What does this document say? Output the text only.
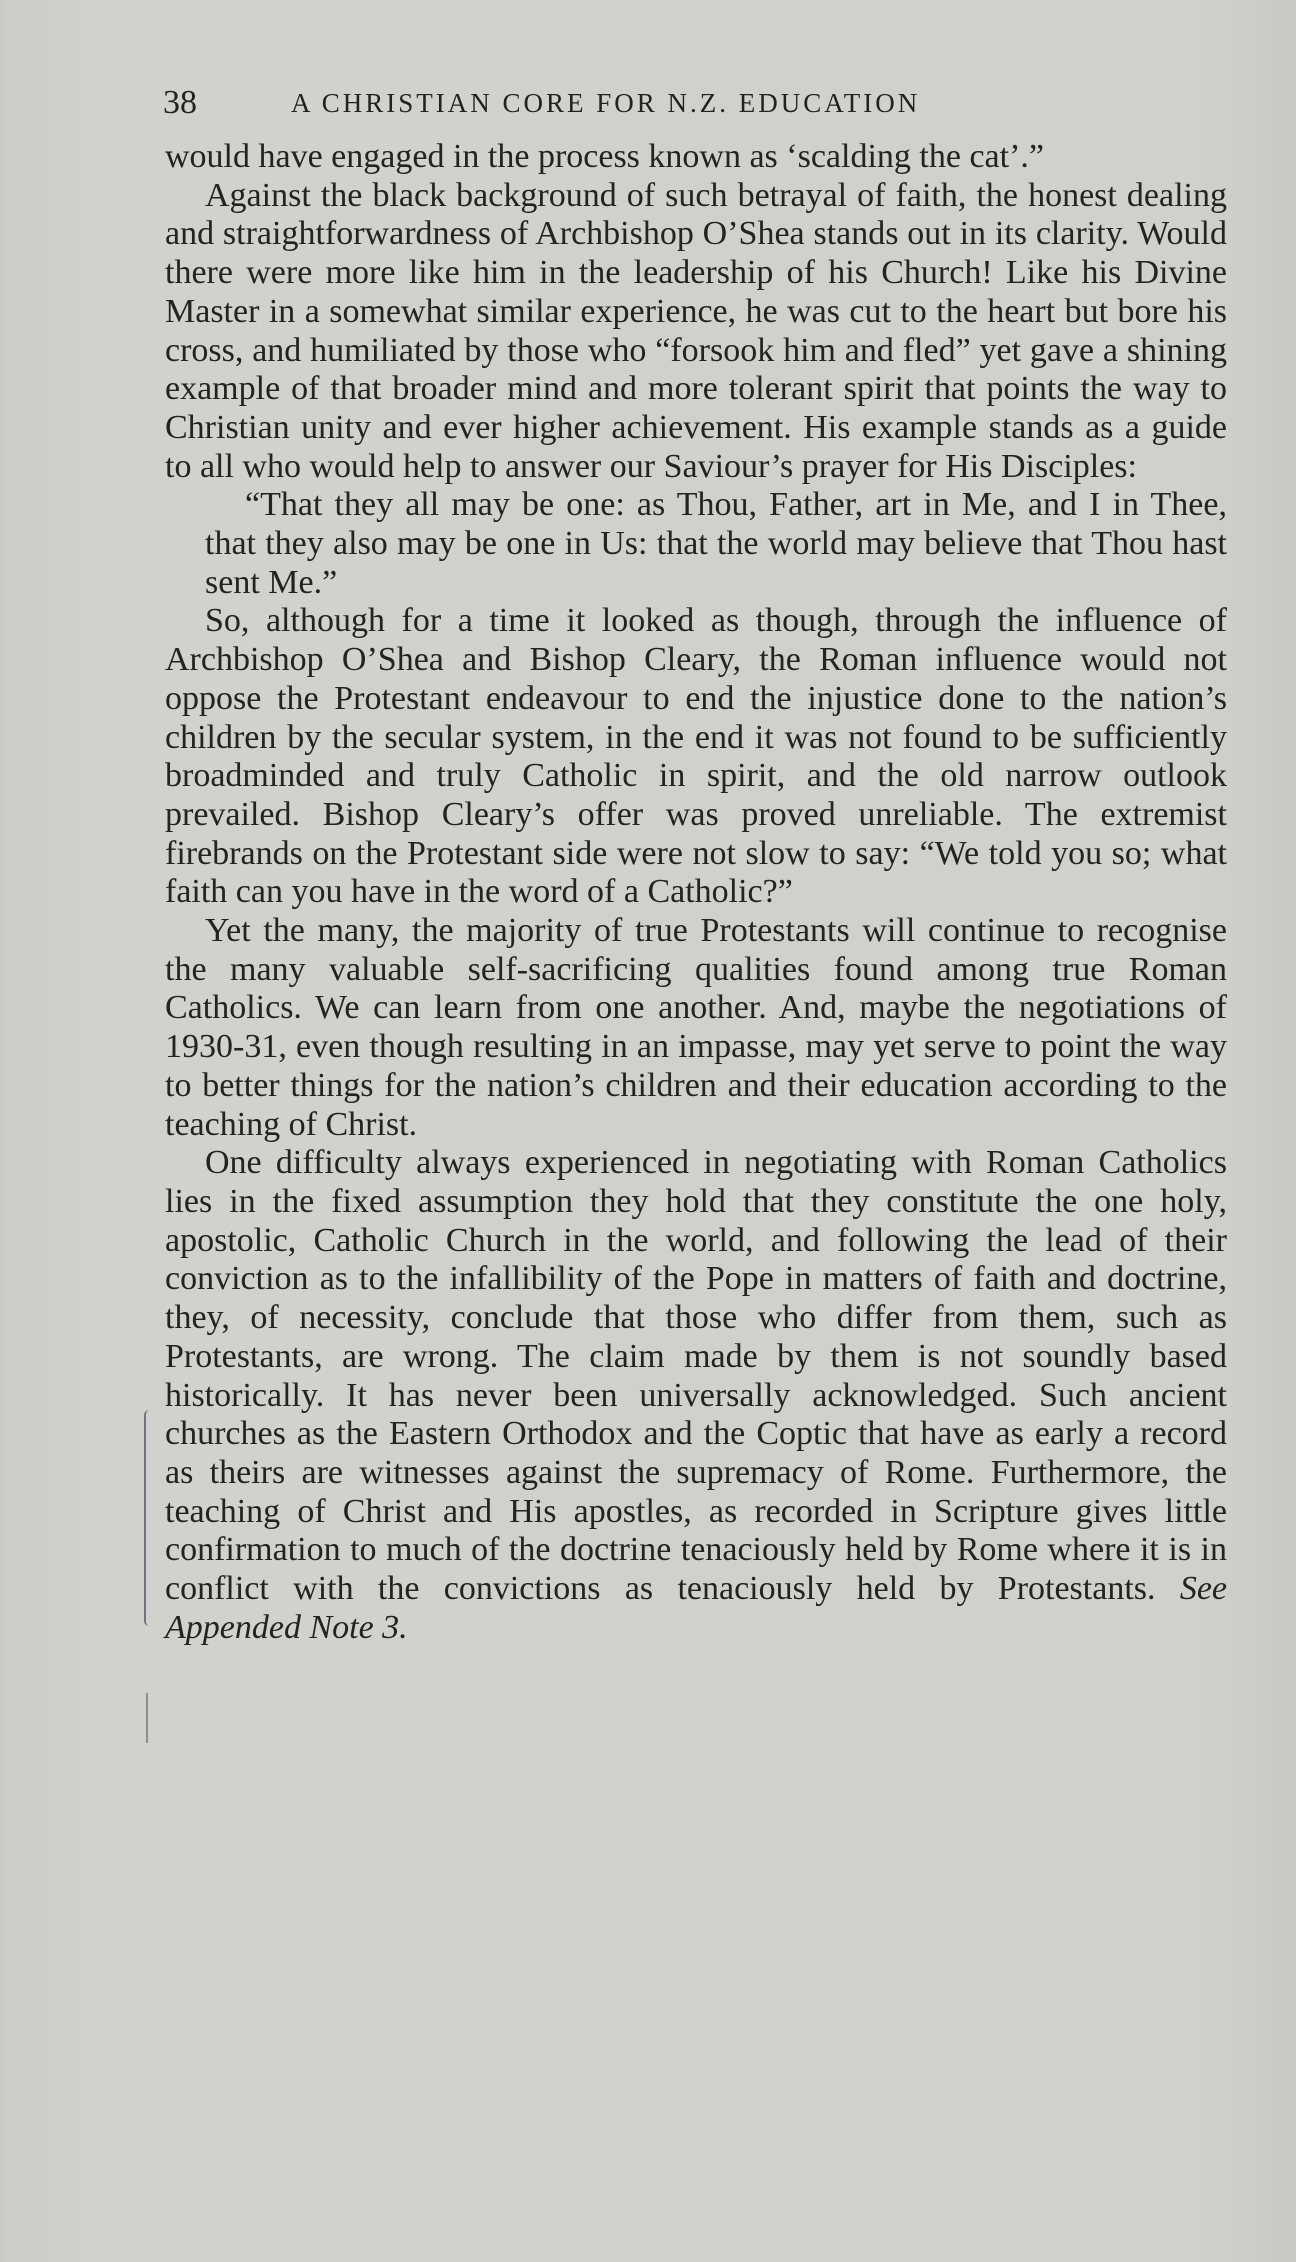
38	A CHRISTIAN CORE FOR N.Z. EDUCATION

would have engaged in the process known as ‘scalding the cat’.”

Against the black background of such betrayal of faith, the honest dealing and straightforwardness of Archbishop O’Shea stands out in its clarity. Would there were more like him in the leadership of his Church! Like his Divine Master in a somewhat similar experience, he was cut to the heart but bore his cross, and humiliated by those who “forsook him and fled” yet gave a shining example of that broader mind and more tolerant spirit that points the way to Christian unity and ever higher achievement. His example stands as a guide to all who would help to answer our Saviour’s prayer for His Disciples:

“That they all may be one: as Thou, Father, art in Me, and I in Thee, that they also may be one in Us: that the world may believe that Thou hast sent Me.”

So, although for a time it looked as though, through the influence of Archbishop O’Shea and Bishop Cleary, the Roman influence would not oppose the Protestant endeavour to end the injustice done to the nation’s children by the secular system, in the end it was not found to be sufficiently broadminded and truly Catholic in spirit, and the old narrow outlook prevailed. Bishop Cleary’s offer was proved unreliable. The extremist firebrands on the Protestant side were not slow to say: “We told you so; what faith can you have in the word of a Catholic?”

Yet the many, the majority of true Protestants will continue to recognise the many valuable self-sacrificing qualities found among true Roman Catholics. We can learn from one another. And, maybe the negotiations of 1930-31, even though resulting in an impasse, may yet serve to point the way to better things for the nation’s children and their education according to the teaching of Christ.

One difficulty always experienced in negotiating with Roman Catholics lies in the fixed assumption they hold that they constitute the one holy, apostolic, Catholic Church in the world, and following the lead of their conviction as to the infallibility of the Pope in matters of faith and doctrine, they, of necessity, conclude that those who differ from them, such as Protestants, are wrong. The claim made by them is not soundly based historically. It has never been universally acknowledged. Such ancient churches as the Eastern Orthodox and the Coptic that have as early a record as theirs are witnesses against the supremacy of Rome. Furthermore, the teaching of Christ and His apostles, as recorded in Scripture gives little confirmation to much of the doctrine tenaciously held by Rome where it is in conflict with the convictions as tenaciously held by Protestants. See Appended Note 3.
